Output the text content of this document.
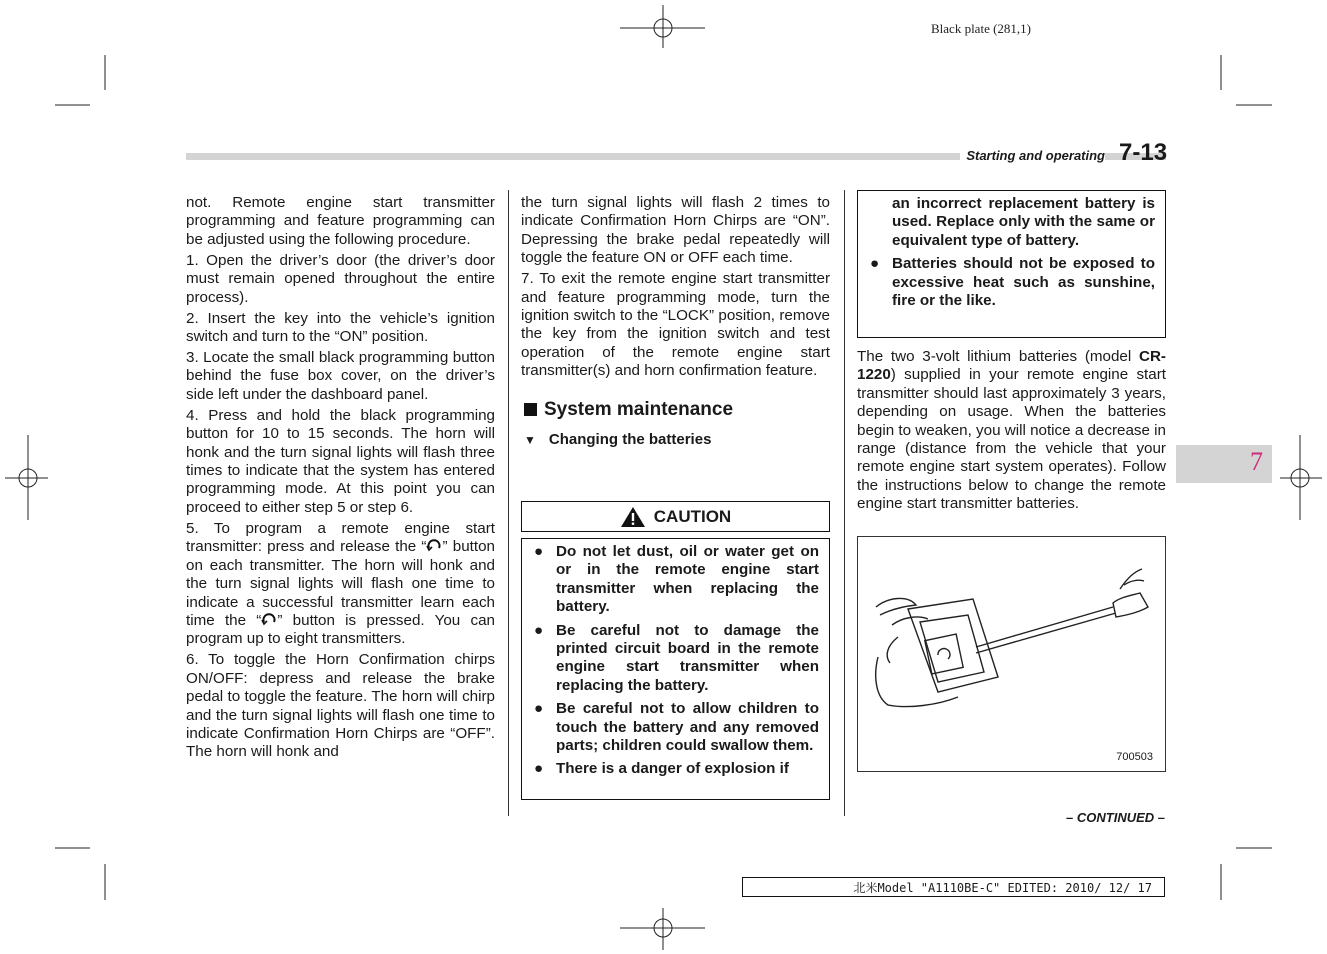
Black plate (281,1)
Starting and operating 7-13

not. Remote engine start transmitter programming and feature programming can be adjusted using the following procedure.

1. Open the driver’s door (the driver’s door must remain opened throughout the entire process).

2. Insert the key into the vehicle’s ignition switch and turn to the “ON” position.

3. Locate the small black programming button behind the fuse box cover, on the driver’s side left under the dashboard panel.

4. Press and hold the black programming button for 10 to 15 seconds. The horn will honk and the turn signal lights will flash three times to indicate that the system has entered programming mode. At this point you can proceed to either step 5 or step 6.

5. To program a remote engine start transmitter: press and release the “ ” button on each transmitter. The horn will honk and the turn signal lights will flash one time to indicate a successful transmitter learn each time the “ ” button is pressed. You can program up to eight transmitters.

6. To toggle the Horn Confirmation chirps ON/OFF: depress and release the brake pedal to toggle the feature. The horn will chirp and the turn signal lights will flash one time to indicate Confirmation Horn Chirps are “OFF”. The horn will honk and

the turn signal lights will flash 2 times to indicate Confirmation Horn Chirps are “ON”. Depressing the brake pedal repeatedly will toggle the feature ON or OFF each time.

7. To exit the remote engine start transmitter and feature programming mode, turn the ignition switch to the “LOCK” position, remove the key from the ignition switch and test operation of the remote engine start transmitter(s) and horn confirmation feature.

System maintenance
▼ Changing the batteries
CAUTION
● Do not let dust, oil or water get on or in the remote engine start transmitter when replacing the battery.
● Be careful not to damage the printed circuit board in the remote engine start transmitter when replacing the battery.
● Be careful not to allow children to touch the battery and any removed parts; children could swallow them.
● There is a danger of explosion if
an incorrect replacement battery is used. Replace only with the same or equivalent type of battery.
● Batteries should not be exposed to excessive heat such as sunshine, fire or the like.

The two 3-volt lithium batteries (model CR-1220) supplied in your remote engine start transmitter should last approximately 3 years, depending on usage. When the batteries begin to weaken, you will notice a decrease in range (distance from the vehicle that your remote engine start system operates). Follow the instructions below to change the remote engine start transmitter batteries.

700503
7
– CONTINUED –
北米Model "A1110BE-C" EDITED: 2010/ 12/ 17
